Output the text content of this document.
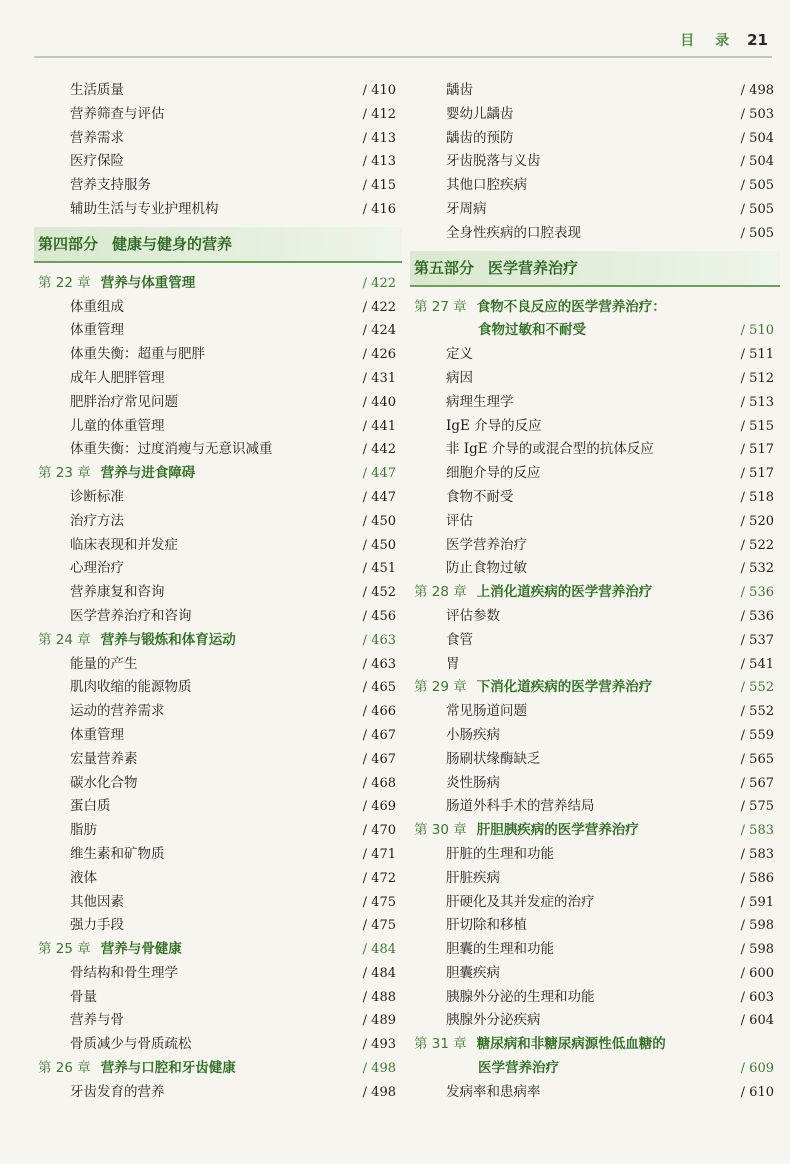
目 录 21
生活质量	/ 410
营养筛查与评估	/ 412
营养需求	/ 413
医疗保险	/ 413
营养支持服务	/ 415
辅助生活与专业护理机构	/ 416
第四部分 健康与健身的营养
第 22 章 营养与体重管理	/ 422
体重组成	/ 422
体重管理	/ 424
体重失衡：超重与肥胖	/ 426
成年人肥胖管理	/ 431
肥胖治疗常见问题	/ 440
儿童的体重管理	/ 441
体重失衡：过度消瘦与无意识减重	/ 442
第 23 章 营养与进食障碍	/ 447
诊断标准	/ 447
治疗方法	/ 450
临床表现和并发症	/ 450
心理治疗	/ 451
营养康复和咨询	/ 452
医学营养治疗和咨询	/ 456
第 24 章 营养与锻炼和体育运动	/ 463
能量的产生	/ 463
肌肉收缩的能源物质	/ 465
运动的营养需求	/ 466
体重管理	/ 467
宏量营养素	/ 467
碳水化合物	/ 468
蛋白质	/ 469
脂肪	/ 470
维生素和矿物质	/ 471
液体	/ 472
其他因素	/ 475
强力手段	/ 475
第 25 章 营养与骨健康	/ 484
骨结构和骨生理学	/ 484
骨量	/ 488
营养与骨	/ 489
骨质减少与骨质疏松	/ 493
第 26 章 营养与口腔和牙齿健康	/ 498
牙齿发育的营养	/ 498
龋齿	/ 498
婴幼儿龋齿	/ 503
龋齿的预防	/ 504
牙齿脱落与义齿	/ 504
其他口腔疾病	/ 505
牙周病	/ 505
全身性疾病的口腔表现	/ 505
第五部分 医学营养治疗
第 27 章 食物不良反应的医学营养治疗：
食物过敏和不耐受	/ 510
定义	/ 511
病因	/ 512
病理生理学	/ 513
IgE 介导的反应	/ 515
非 IgE 介导的或混合型的抗体反应	/ 517
细胞介导的反应	/ 517
食物不耐受	/ 518
评估	/ 520
医学营养治疗	/ 522
防止食物过敏	/ 532
第 28 章 上消化道疾病的医学营养治疗	/ 536
评估参数	/ 536
食管	/ 537
胃	/ 541
第 29 章 下消化道疾病的医学营养治疗	/ 552
常见肠道问题	/ 552
小肠疾病	/ 559
肠刷状缘酶缺乏	/ 565
炎性肠病	/ 567
肠道外科手术的营养结局	/ 575
第 30 章 肝胆胰疾病的医学营养治疗	/ 583
肝脏的生理和功能	/ 583
肝脏疾病	/ 586
肝硬化及其并发症的治疗	/ 591
肝切除和移植	/ 598
胆囊的生理和功能	/ 598
胆囊疾病	/ 600
胰腺外分泌的生理和功能	/ 603
胰腺外分泌疾病	/ 604
第 31 章 糖尿病和非糖尿病源性低血糖的
医学营养治疗	/ 609
发病率和患病率	/ 610
